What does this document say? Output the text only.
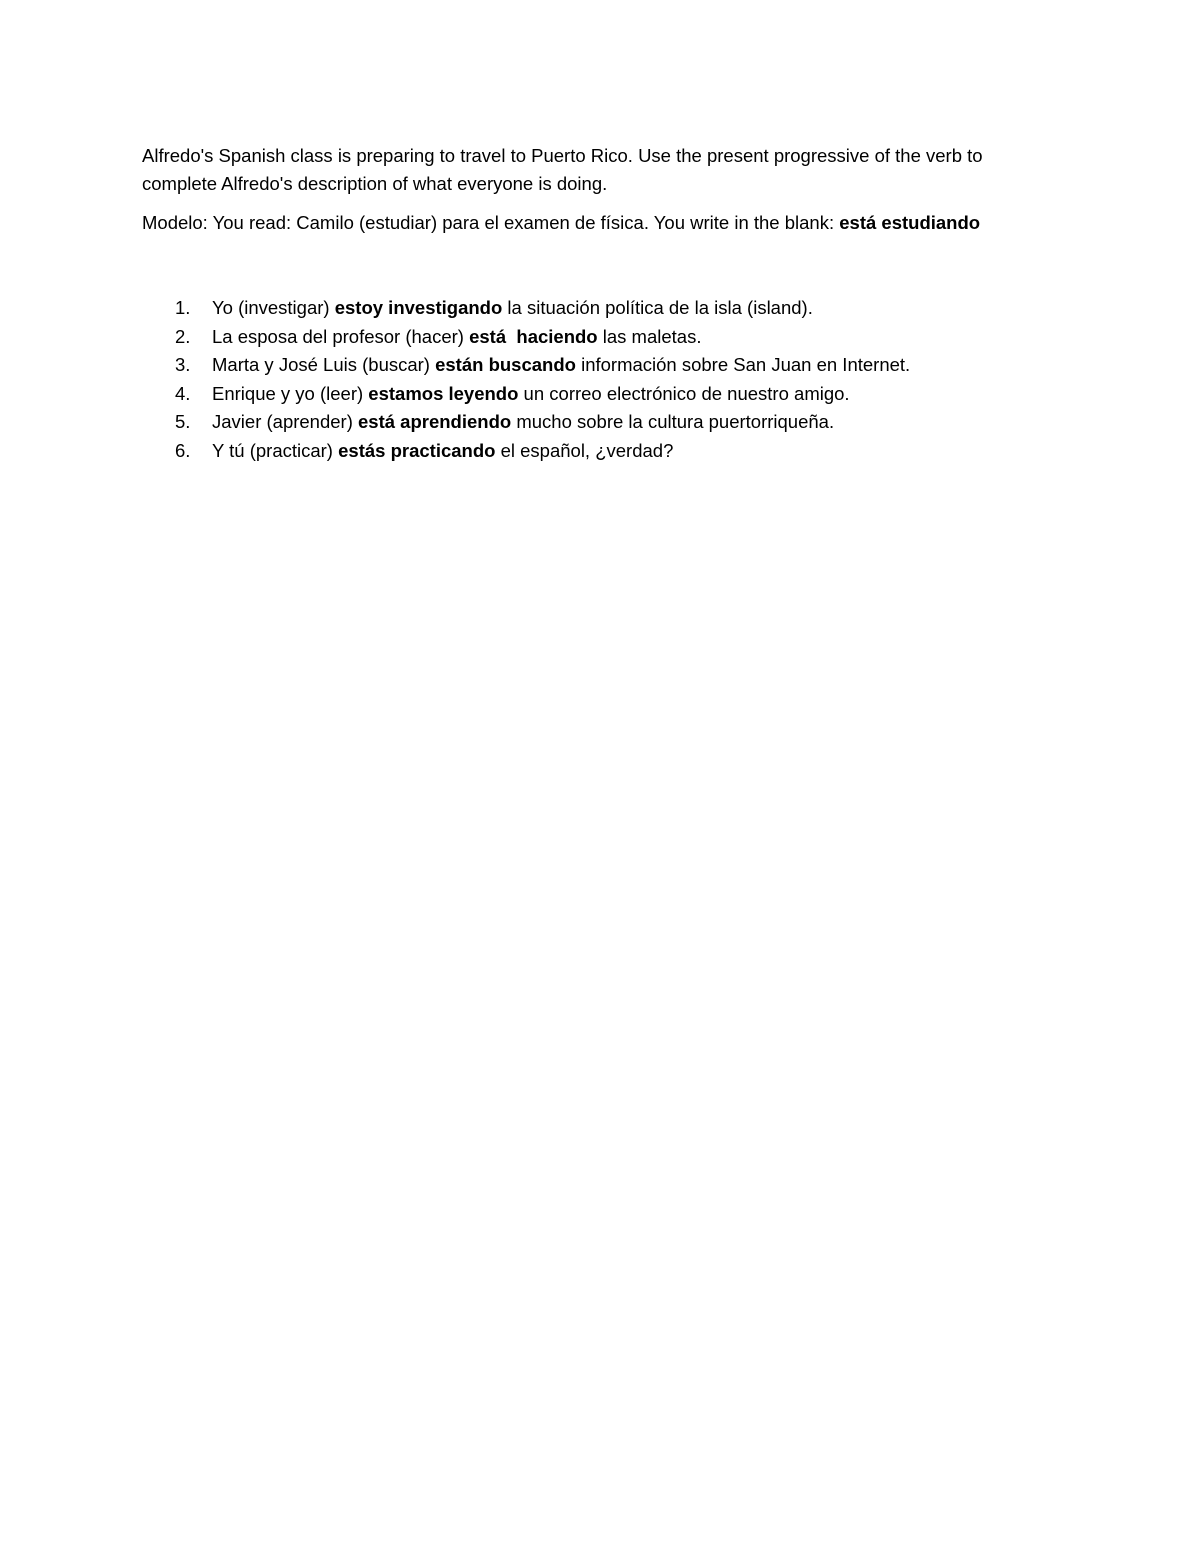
Alfredo's Spanish class is preparing to travel to Puerto Rico. Use the present progressive of the verb to
complete Alfredo's description of what everyone is doing.

Modelo: You read: Camilo (estudiar) para el examen de física. You write in the blank: está estudiando

1. Yo (investigar) estoy investigando la situación política de la isla (island).
2. La esposa del profesor (hacer) está  haciendo las maletas.
3. Marta y José Luis (buscar) están buscando información sobre San Juan en Internet.
4. Enrique y yo (leer) estamos leyendo un correo electrónico de nuestro amigo.
5. Javier (aprender) está aprendiendo mucho sobre la cultura puertorriqueña.
6. Y tú (practicar) estás practicando el español, ¿verdad?
